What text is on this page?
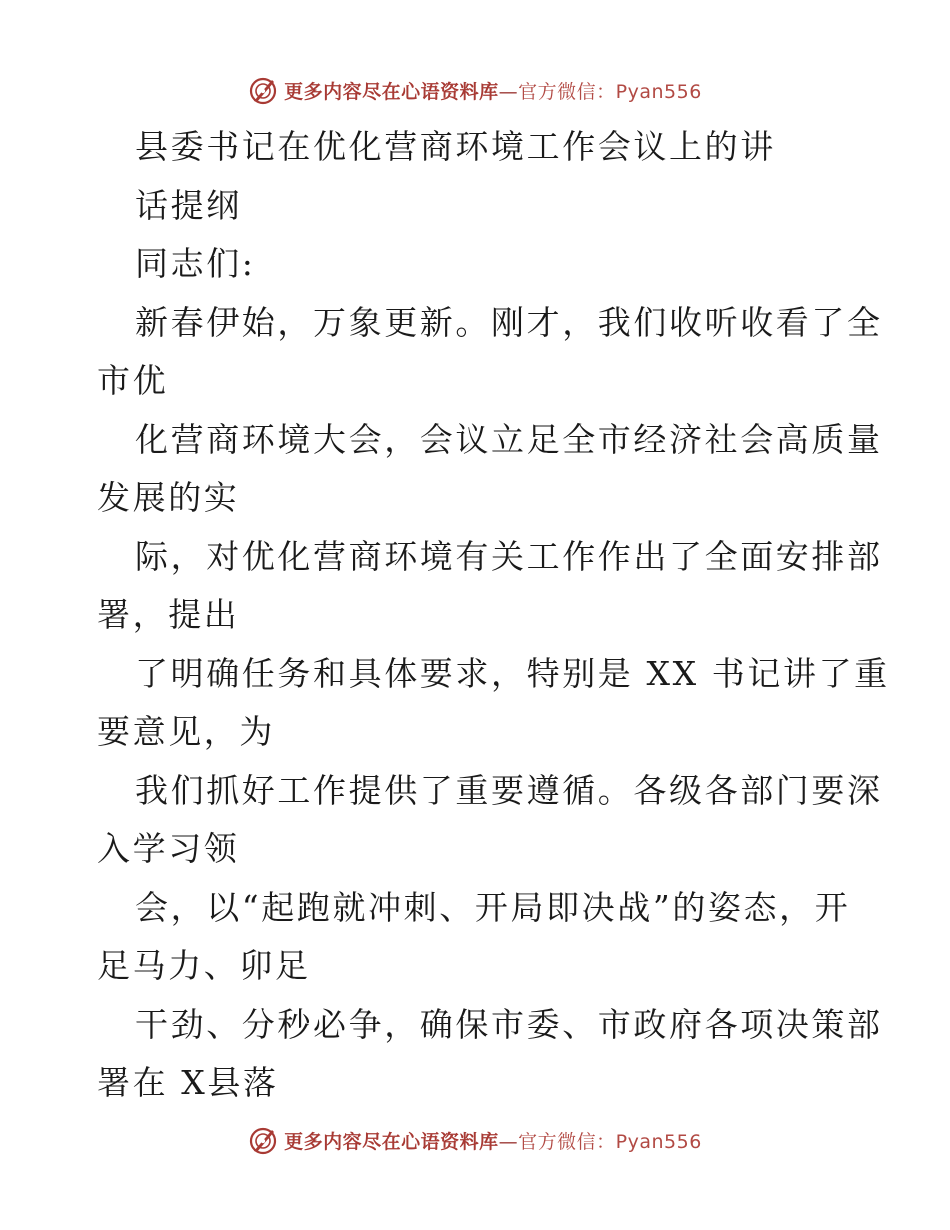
更多内容尽在心语资料库—官方微信：Pyan556
县委书记在优化营商环境工作会议上的讲
话提纲
同志们:
新春伊始，万象更新。刚才，我们收听收看了全
市优
化营商环境大会，会议立足全市经济社会高质量
发展的实
际，对优化营商环境有关工作作出了全面安排部
署，提出
了明确任务和具体要求，特别是 XX 书记讲了重
要意见，为
我们抓好工作提供了重要遵循。各级各部门要深
入学习领
会，以“起跑就冲刺、开局即决战”的姿态，开
足马力、卯足
干劲、分秒必争，确保市委、市政府各项决策部
署在 X县落
更多内容尽在心语资料库—官方微信：Pyan556
